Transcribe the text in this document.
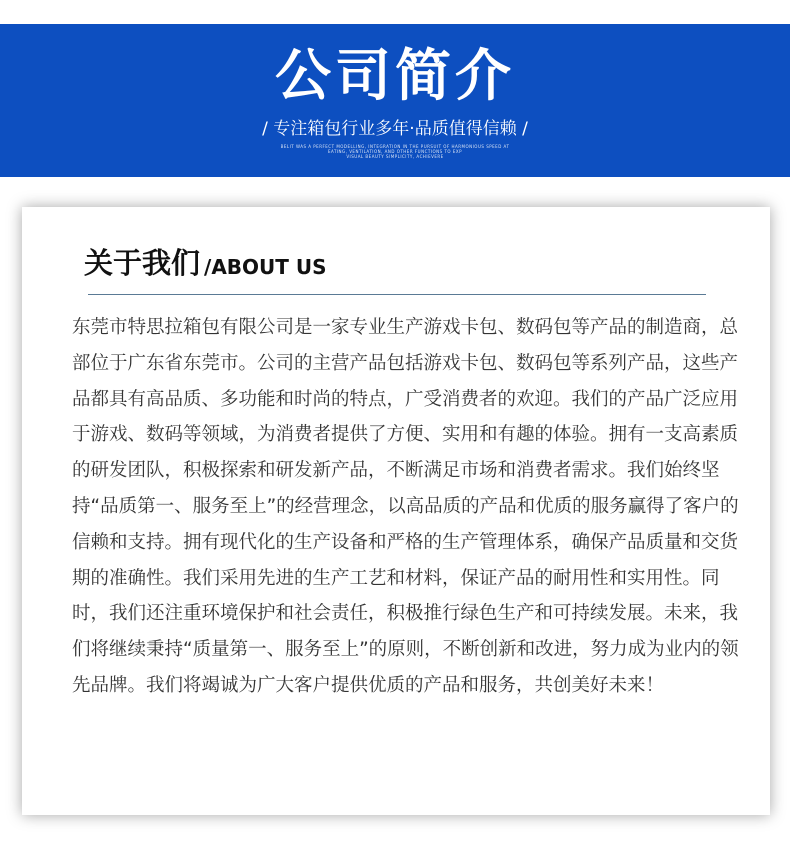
公司简介
/ 专注箱包行业多年·品质值得信赖 /
BELIT WAS A PERFECT MODELLING, INTEGRATION IN THE PURSUIT OF HARMONIOUS SPEED AT
EATING, VENTILATION, AND OTHER FUNCTIONS TO EXP
VISUAL BEAUTY SIMPLICITY, ACHIEVERE
关于我们 /ABOUT US

东莞市特思拉箱包有限公司是一家专业生产游戏卡包、数码包等产品的制造商，总部位于广东省东莞市。公司的主营产品包括游戏卡包、数码包等系列产品，这些产品都具有高品质、多功能和时尚的特点，广受消费者的欢迎。我们的产品广泛应用于游戏、数码等领域，为消费者提供了方便、实用和有趣的体验。拥有一支高素质的研发团队，积极探索和研发新产品，不断满足市场和消费者需求。我们始终坚持“品质第一、服务至上”的经营理念，以高品质的产品和优质的服务赢得了客户的信赖和支持。拥有现代化的生产设备和严格的生产管理体系，确保产品质量和交货期的准确性。我们采用先进的生产工艺和材料，保证产品的耐用性和实用性。同时，我们还注重环境保护和社会责任，积极推行绿色生产和可持续发展。未来，我们将继续秉持“质量第一、服务至上”的原则，不断创新和改进，努力成为业内的领先品牌。我们将竭诚为广大客户提供优质的产品和服务，共创美好未来！
